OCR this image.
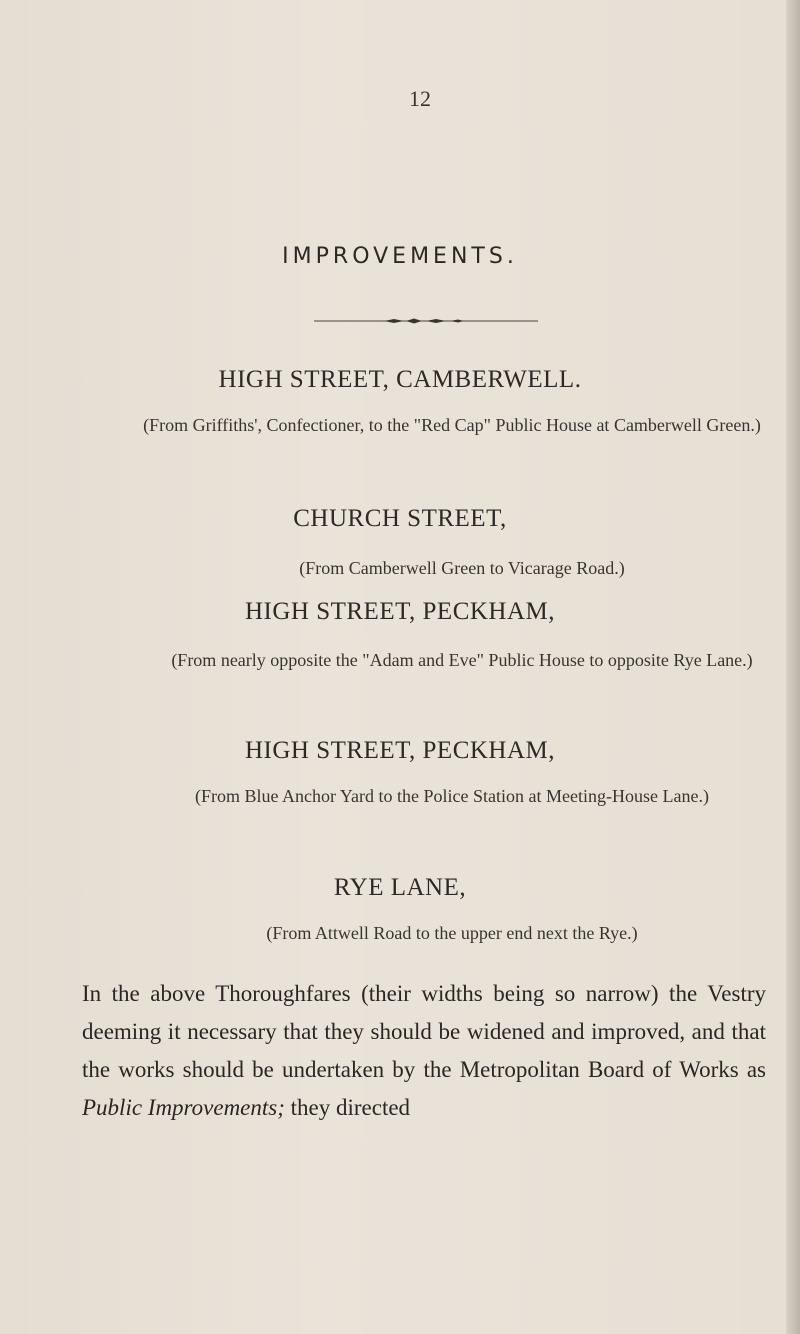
12
IMPROVEMENTS.
HIGH STREET, CAMBERWELL.
(From Griffiths', Confectioner, to the "Red Cap" Public House at Camberwell Green.)
CHURCH STREET,
(From Camberwell Green to Vicarage Road.)
HIGH STREET, PECKHAM,
(From nearly opposite the "Adam and Eve" Public House to opposite Rye Lane.)
HIGH STREET, PECKHAM,
(From Blue Anchor Yard to the Police Station at Meeting-House Lane.)
RYE LANE,
(From Attwell Road to the upper end next the Rye.)
In the above Thoroughfares (their widths being so narrow) the Vestry deeming it necessary that they should be widened and improved, and that the works should be undertaken by the Metropolitan Board of Works as Public Improvements; they directed
